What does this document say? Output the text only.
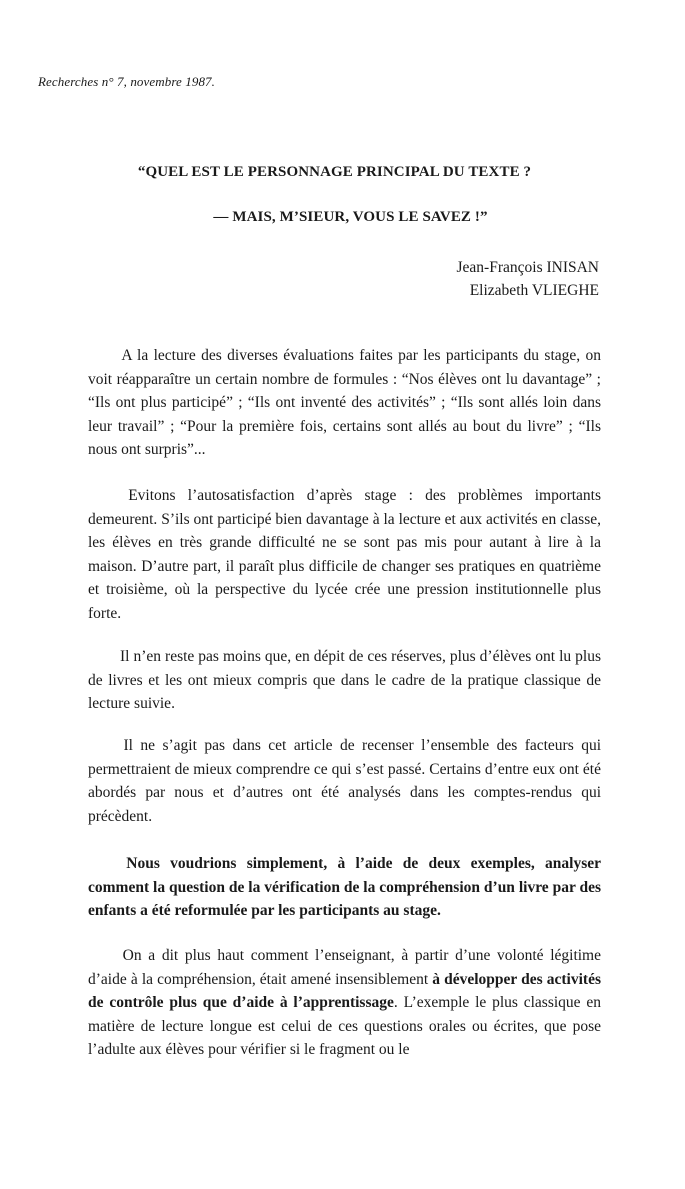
Recherches n° 7, novembre 1987.
“QUEL EST LE PERSONNAGE PRINCIPAL DU TEXTE ?
— MAIS, M’SIEUR, VOUS LE SAVEZ !”
Jean-François INISAN
Elizabeth VLIEGHE
A la lecture des diverses évaluations faites par les participants du stage, on voit réapparaître un certain nombre de formules : “Nos élèves ont lu davantage” ; “Ils ont plus participé” ; “Ils ont inventé des activités” ; “Ils sont allés loin dans leur travail” ; “Pour la première fois, certains sont allés au bout du livre” ; “Ils nous ont surpris”...
Evitons l’autosatisfaction d’après stage : des problèmes importants demeurent. S’ils ont participé bien davantage à la lecture et aux activités en classe, les élèves en très grande difficulté ne se sont pas mis pour autant à lire à la maison. D’autre part, il paraît plus difficile de changer ses pratiques en quatrième et troisième, où la perspective du lycée crée une pression institutionnelle plus forte.
Il n’en reste pas moins que, en dépit de ces réserves, plus d’élèves ont lu plus de livres et les ont mieux compris que dans le cadre de la pratique classique de lecture suivie.
Il ne s’agit pas dans cet article de recenser l’ensemble des facteurs qui permettraient de mieux comprendre ce qui s’est passé. Certains d’entre eux ont été abordés par nous et d’autres ont été analysés dans les comptes-rendus qui précèdent.
Nous voudrions simplement, à l’aide de deux exemples, analyser comment la question de la vérification de la compréhension d’un livre par des enfants a été reformulée par les participants au stage.
On a dit plus haut comment l’enseignant, à partir d’une volonté légitime d’aide à la compréhension, était amené insensiblement à développer des activités de contrôle plus que d’aide à l’apprentissage. L’exemple le plus classique en matière de lecture longue est celui de ces questions orales ou écrites, que pose l’adulte aux élèves pour vérifier si le fragment ou le
